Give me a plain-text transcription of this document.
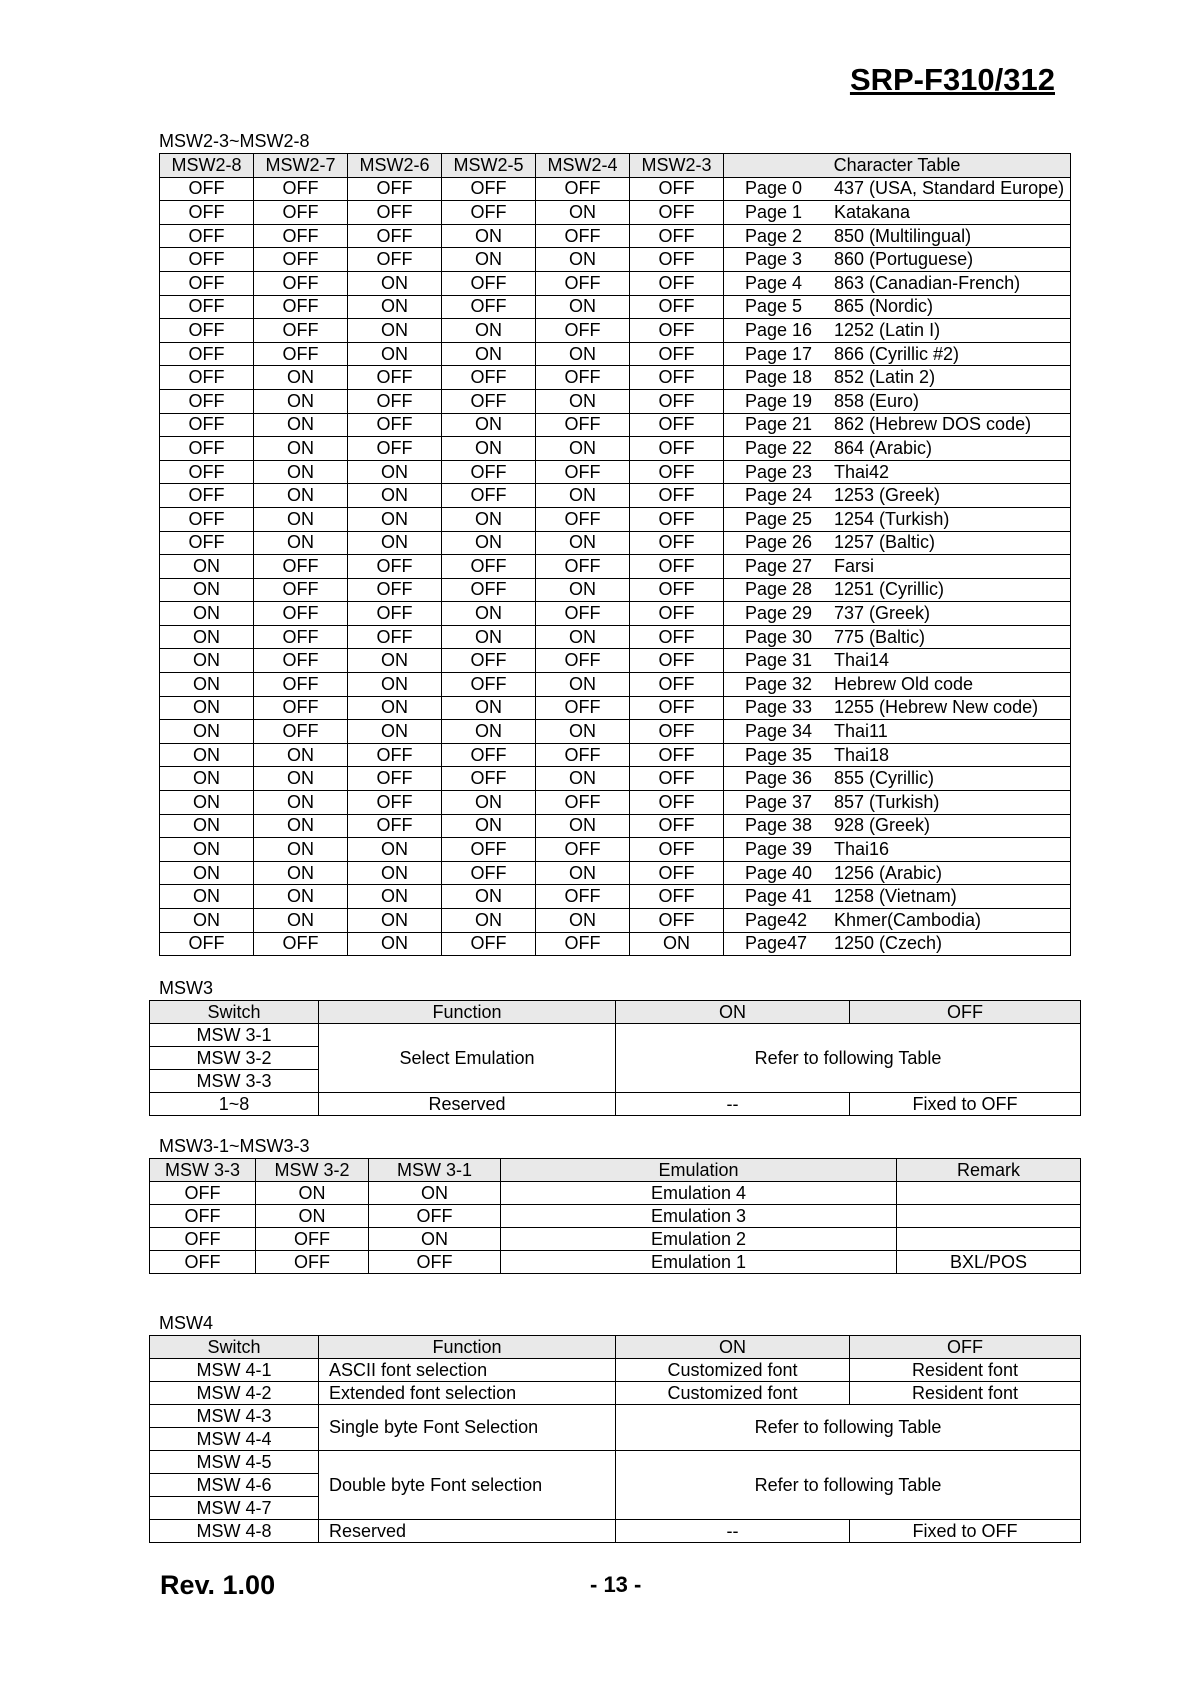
SRP-F310/312
MSW2-3~MSW2-8
MSW2-8	MSW2-7	MSW2-6	MSW2-5	MSW2-4	MSW2-3	Character Table
OFF	OFF	OFF	OFF	OFF	OFF	Page 0 437 (USA, Standard Europe)
OFF	OFF	OFF	OFF	ON	OFF	Page 1 Katakana
OFF	OFF	OFF	ON	OFF	OFF	Page 2 850 (Multilingual)
OFF	OFF	OFF	ON	ON	OFF	Page 3 860 (Portuguese)
OFF	OFF	ON	OFF	OFF	OFF	Page 4 863 (Canadian-French)
OFF	OFF	ON	OFF	ON	OFF	Page 5 865 (Nordic)
OFF	OFF	ON	ON	OFF	OFF	Page 16 1252 (Latin I)
OFF	OFF	ON	ON	ON	OFF	Page 17 866 (Cyrillic #2)
OFF	ON	OFF	OFF	OFF	OFF	Page 18 852 (Latin 2)
OFF	ON	OFF	OFF	ON	OFF	Page 19 858 (Euro)
OFF	ON	OFF	ON	OFF	OFF	Page 21 862 (Hebrew DOS code)
OFF	ON	OFF	ON	ON	OFF	Page 22 864 (Arabic)
OFF	ON	ON	OFF	OFF	OFF	Page 23 Thai42
OFF	ON	ON	OFF	ON	OFF	Page 24 1253 (Greek)
OFF	ON	ON	ON	OFF	OFF	Page 25 1254 (Turkish)
OFF	ON	ON	ON	ON	OFF	Page 26 1257 (Baltic)
ON	OFF	OFF	OFF	OFF	OFF	Page 27 Farsi
ON	OFF	OFF	OFF	ON	OFF	Page 28 1251 (Cyrillic)
ON	OFF	OFF	ON	OFF	OFF	Page 29 737 (Greek)
ON	OFF	OFF	ON	ON	OFF	Page 30 775 (Baltic)
ON	OFF	ON	OFF	OFF	OFF	Page 31 Thai14
ON	OFF	ON	OFF	ON	OFF	Page 32 Hebrew Old code
ON	OFF	ON	ON	OFF	OFF	Page 33 1255 (Hebrew New code)
ON	OFF	ON	ON	ON	OFF	Page 34 Thai11
ON	ON	OFF	OFF	OFF	OFF	Page 35 Thai18
ON	ON	OFF	OFF	ON	OFF	Page 36 855 (Cyrillic)
ON	ON	OFF	ON	OFF	OFF	Page 37 857 (Turkish)
ON	ON	OFF	ON	ON	OFF	Page 38 928 (Greek)
ON	ON	ON	OFF	OFF	OFF	Page 39 Thai16
ON	ON	ON	OFF	ON	OFF	Page 40 1256 (Arabic)
ON	ON	ON	ON	OFF	OFF	Page 41 1258 (Vietnam)
ON	ON	ON	ON	ON	OFF	Page42 Khmer(Cambodia)
OFF	OFF	ON	OFF	OFF	ON	Page47 1250 (Czech)
MSW3
Switch	Function	ON	OFF
MSW 3-1	Select Emulation	Refer to following Table	
MSW 3-2			
MSW 3-3			
1~8	Reserved	--	Fixed to OFF
MSW3-1~MSW3-3
MSW 3-3	MSW 3-2	MSW 3-1	Emulation	Remark
OFF	ON	ON	Emulation 4	
OFF	ON	OFF	Emulation 3	
OFF	OFF	ON	Emulation 2	
OFF	OFF	OFF	Emulation 1	BXL/POS
MSW4
Switch	Function	ON	OFF
MSW 4-1	ASCII font selection	Customized font	Resident font
MSW 4-2	Extended font selection	Customized font	Resident font
MSW 4-3	Single byte Font Selection	Refer to following Table	
MSW 4-4			
MSW 4-5	Double byte Font selection	Refer to following Table	
MSW 4-6			
MSW 4-7			
MSW 4-8	Reserved	--	Fixed to OFF
Rev. 1.00	- 13 -
